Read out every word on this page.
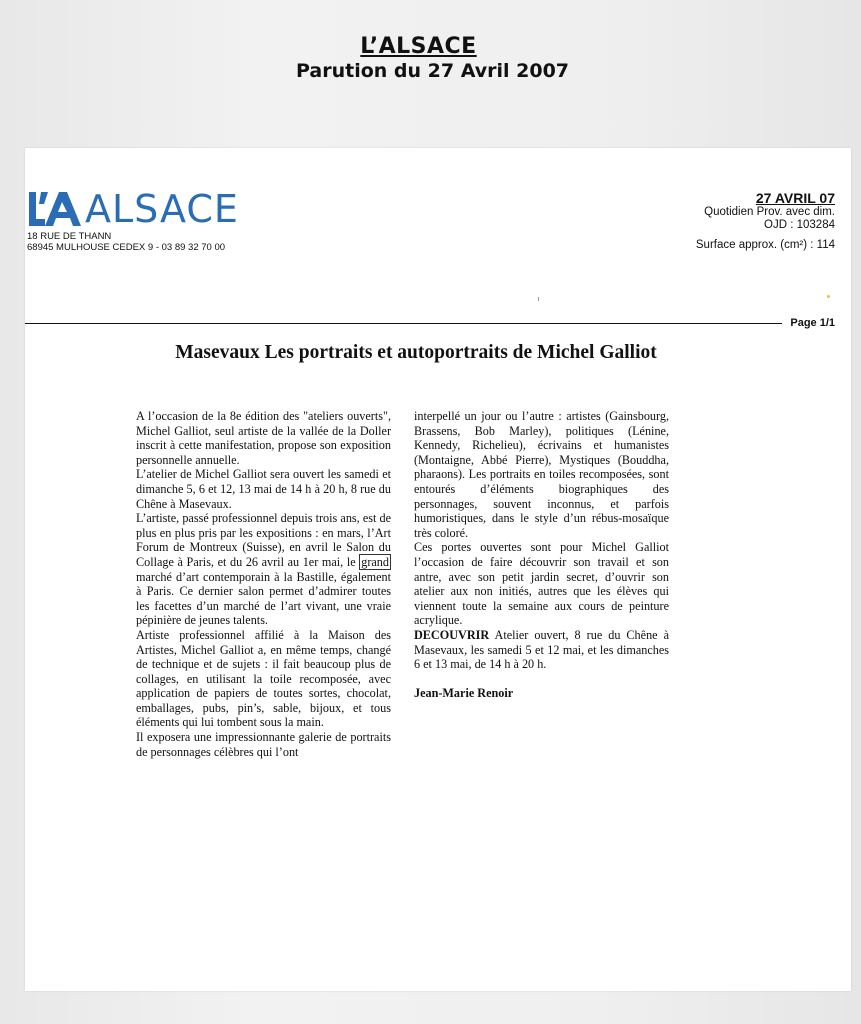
L’ALSACE
Parution du 27 Avril 2007
ALSACE
18 RUE DE THANN
68945 MULHOUSE CEDEX 9 - 03 89 32 70 00
27 AVRIL 07
Quotidien Prov. avec dim.
OJD : 103284
Surface approx. (cm²) : 114
Page 1/1
Masevaux Les portraits et autoportraits de Michel Galliot

A l’occasion de la 8e édition des "ateliers ouverts", Michel Galliot, seul artiste de la vallée de la Doller inscrit à cette manifestation, propose son exposition personnelle annuelle.

L’atelier de Michel Galliot sera ouvert les samedi et dimanche 5, 6 et 12, 13 mai de 14 h à 20 h, 8 rue du Chêne à Masevaux.

L’artiste, passé professionnel depuis trois ans, est de plus en plus pris par les expositions : en mars, l’Art Forum de Montreux (Suisse), en avril le Salon du Collage à Paris, et du 26 avril au 1er mai, le grand marché d’art contemporain à la Bastille, également à Paris. Ce dernier salon permet d’admirer toutes les facettes d’un marché de l’art vivant, une vraie pépinière de jeunes talents.

Artiste professionnel affilié à la Maison des Artistes, Michel Galliot a, en même temps, changé de technique et de sujets : il fait beaucoup plus de collages, en utilisant la toile recomposée, avec application de papiers de toutes sortes, chocolat, emballages, pubs, pin’s, sable, bijoux, et tous éléments qui lui tombent sous la main.

Il exposera une impressionnante galerie de portraits de personnages célèbres qui l’ont

interpellé un jour ou l’autre : artistes (Gainsbourg, Brassens, Bob Marley), politiques (Lénine, Kennedy, Richelieu), écrivains et humanistes (Montaigne, Abbé Pierre), Mystiques (Bouddha, pharaons). Les portraits en toiles recomposées, sont entourés d’éléments biographiques des personnages, souvent inconnus, et parfois humoristiques, dans le style d’un rébus-mosaïque très coloré.

Ces portes ouvertes sont pour Michel Galliot l’occasion de faire découvrir son travail et son antre, avec son petit jardin secret, d’ouvrir son atelier aux non initiés, autres que les élèves qui viennent toute la semaine aux cours de peinture acrylique.

DECOUVRIR Atelier ouvert, 8 rue du Chêne à Masevaux, les samedi 5 et 12 mai, et les dimanches 6 et 13 mai, de 14 h à 20 h.

Jean-Marie Renoir
